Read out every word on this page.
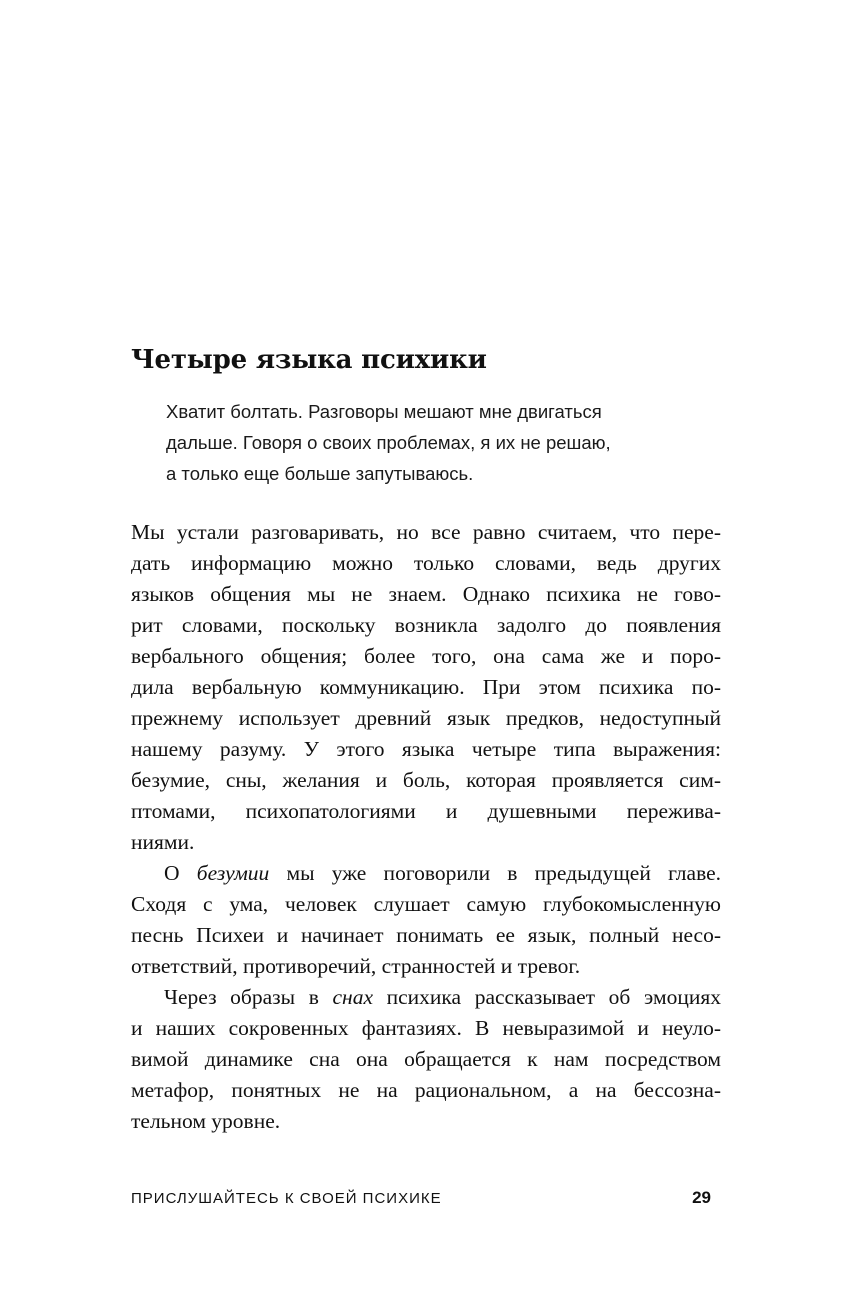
Четыре языка психики
Хватит болтать. Разговоры мешают мне двигаться
дальше. Говоря о своих проблемах, я их не решаю,
а только еще больше запутываюсь.
Мы устали разговаривать, но все равно считаем, что пере-
дать информацию можно только словами, ведь других
языков общения мы не знаем. Однако психика не гово-
рит словами, поскольку возникла задолго до появления
вербального общения; более того, она сама же и поро-
дила вербальную коммуникацию. При этом психика по-
прежнему использует древний язык предков, недоступный
нашему разуму. У этого языка четыре типа выражения:
безумие, сны, желания и боль, которая проявляется сим-
птомами, психопатологиями и душевными пережива-
ниями.
О безумии мы уже поговорили в предыдущей главе.
Сходя с ума, человек слушает самую глубокомысленную
песнь Психеи и начинает понимать ее язык, полный несо-
ответствий, противоречий, странностей и тревог.
Через образы в снах психика рассказывает об эмоциях
и наших сокровенных фантазиях. В невыразимой и неуло-
вимой динамике сна она обращается к нам посредством
метафор, понятных не на рациональном, а на бессозна-
тельном уровне.
ПРИСЛУШАЙТЕСЬ К СВОЕЙ ПСИХИКЕ	29
